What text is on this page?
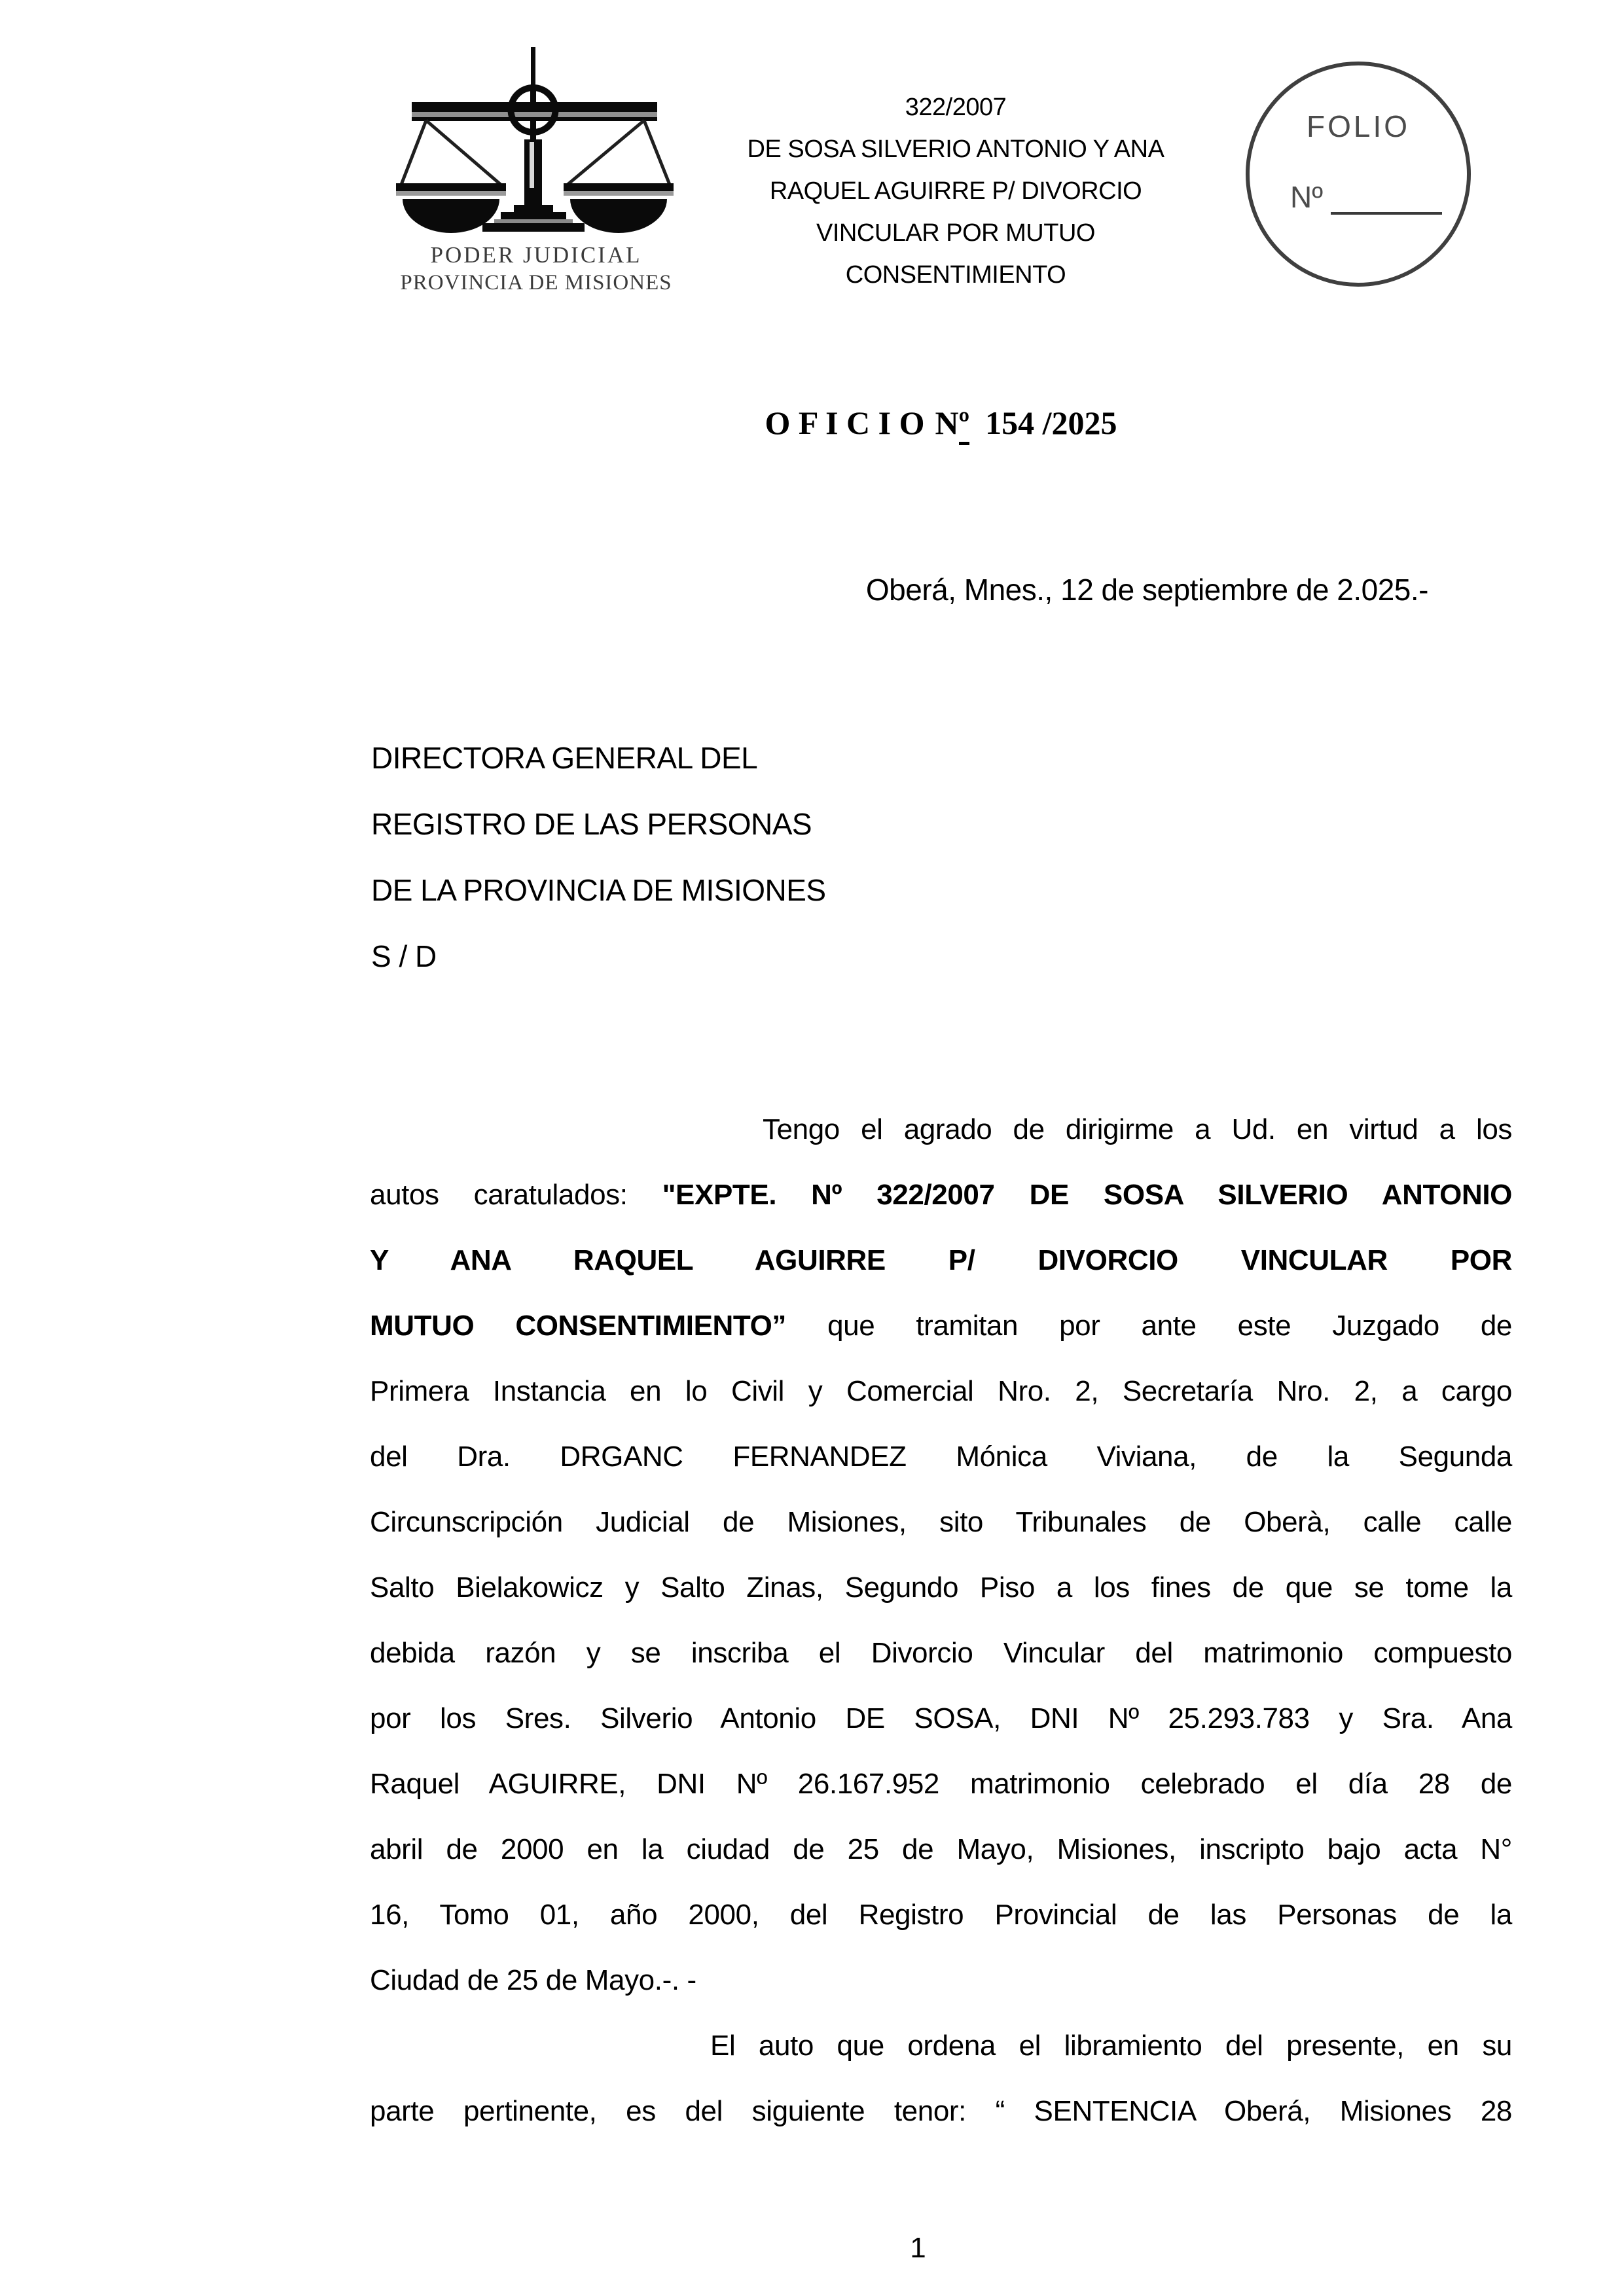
PODER JUDICIAL
PROVINCIA DE MISIONES
322/2007
DE SOSA SILVERIO ANTONIO Y ANA
RAQUEL AGUIRRE P/ DIVORCIO
VINCULAR POR MUTUO
CONSENTIMIENTO
FOLIO
Nº
O F I C I O Nº 154 /2025
Oberá, Mnes., 12 de septiembre de 2.025.-
DIRECTORA GENERAL DEL
REGISTRO DE LAS PERSONAS
DE LA PROVINCIA DE MISIONES
S / D
Tengo el agrado de dirigirme a Ud. en virtud a los
autos caratulados: "EXPTE. Nº 322/2007 DE SOSA SILVERIO ANTONIO
Y ANA RAQUEL AGUIRRE P/ DIVORCIO VINCULAR POR
MUTUO CONSENTIMIENTO” que tramitan por ante este Juzgado de
Primera Instancia en lo Civil y Comercial Nro. 2, Secretaría Nro. 2, a cargo
del Dra. DRGANC FERNANDEZ Mónica Viviana, de la Segunda
Circunscripción Judicial de Misiones, sito Tribunales de Oberà, calle calle
Salto Bielakowicz y Salto Zinas, Segundo Piso a los fines de que se tome la
debida razón y se inscriba el Divorcio Vincular del matrimonio compuesto
por los Sres. Silverio Antonio DE SOSA, DNI Nº 25.293.783 y Sra. Ana
Raquel AGUIRRE, DNI Nº 26.167.952 matrimonio celebrado el día 28 de
abril de 2000 en la ciudad de 25 de Mayo, Misiones, inscripto bajo acta N°
16, Tomo 01, año 2000, del Registro Provincial de las Personas de la
Ciudad de 25 de Mayo.-. -
El auto que ordena el libramiento del presente, en su
parte pertinente, es del siguiente tenor: “ SENTENCIA Oberá, Misiones 28
1
